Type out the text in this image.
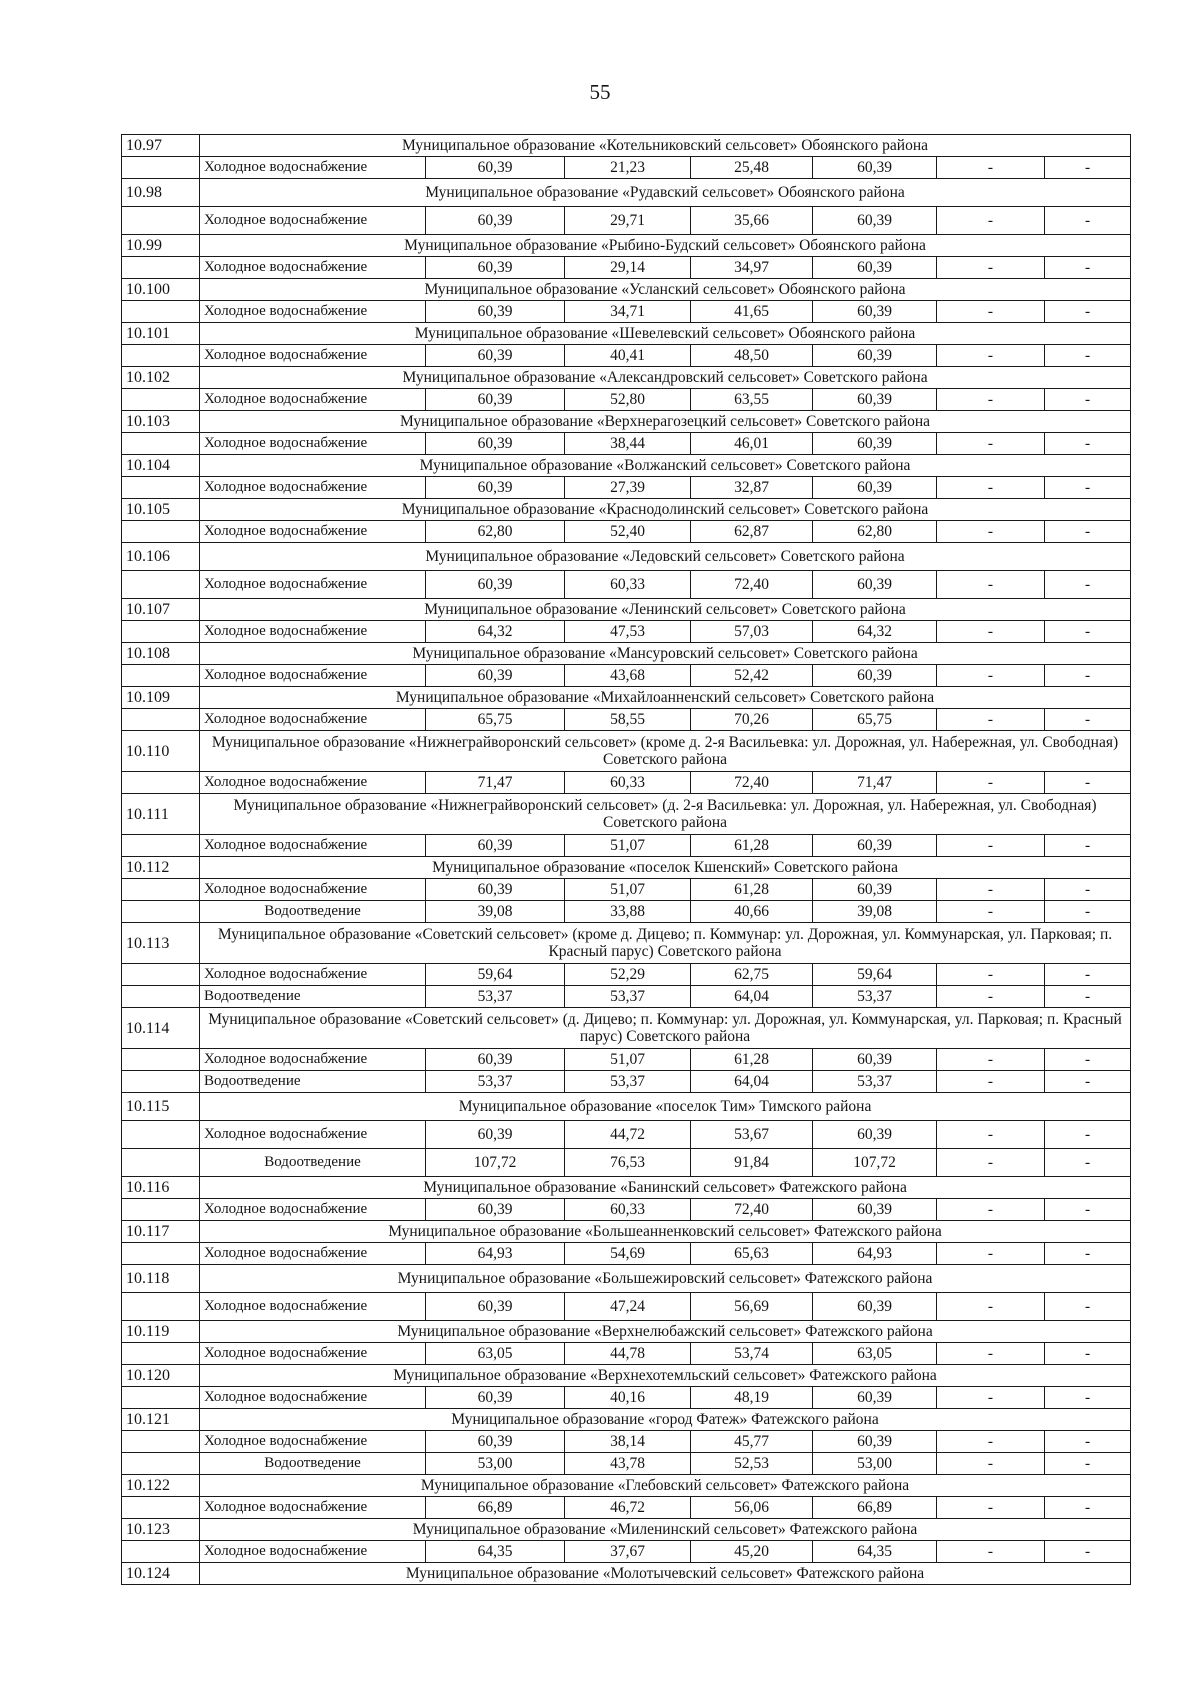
55
10.97	Муниципальное образование «Котельниковский сельсовет» Обоянского района						
	Холодное водоснабжение	60,39	21,23	25,48	60,39	-	-
10.98	Муниципальное образование «Рудавский сельсовет» Обоянского района						
	Холодное водоснабжение	60,39	29,71	35,66	60,39	-	-
10.99	Муниципальное образование «Рыбино-Будский сельсовет» Обоянского района						
	Холодное водоснабжение	60,39	29,14	34,97	60,39	-	-
10.100	Муниципальное образование «Усланский сельсовет» Обоянского района						
	Холодное водоснабжение	60,39	34,71	41,65	60,39	-	-
10.101	Муниципальное образование «Шевелевский сельсовет» Обоянского района						
	Холодное водоснабжение	60,39	40,41	48,50	60,39	-	-
10.102	Муниципальное образование «Александровский сельсовет» Советского района						
	Холодное водоснабжение	60,39	52,80	63,55	60,39	-	-
10.103	Муниципальное образование «Верхнерагозецкий сельсовет» Советского района						
	Холодное водоснабжение	60,39	38,44	46,01	60,39	-	-
10.104	Муниципальное образование «Волжанский сельсовет» Советского района						
	Холодное водоснабжение	60,39	27,39	32,87	60,39	-	-
10.105	Муниципальное образование «Краснодолинский сельсовет» Советского района						
	Холодное водоснабжение	62,80	52,40	62,87	62,80	-	-
10.106	Муниципальное образование «Ледовский сельсовет» Советского района						
	Холодное водоснабжение	60,39	60,33	72,40	60,39	-	-
10.107	Муниципальное образование «Ленинский сельсовет» Советского района						
	Холодное водоснабжение	64,32	47,53	57,03	64,32	-	-
10.108	Муниципальное образование «Мансуровский сельсовет» Советского района						
	Холодное водоснабжение	60,39	43,68	52,42	60,39	-	-
10.109	Муниципальное образование «Михайлоанненский сельсовет» Советского района						
	Холодное водоснабжение	65,75	58,55	70,26	65,75	-	-
10.110	Муниципальное образование «Нижнеграйворонский сельсовет» (кроме д. 2-я Васильевка: ул. Дорожная, ул. Набережная, ул. Свободная) Советского района						
	Холодное водоснабжение	71,47	60,33	72,40	71,47	-	-
10.111	Муниципальное образование «Нижнеграйворонский сельсовет» (д. 2-я Васильевка: ул. Дорожная, ул. Набережная, ул. Свободная) Советского района						
	Холодное водоснабжение	60,39	51,07	61,28	60,39	-	-
10.112	Муниципальное образование «поселок Кшенский» Советского района						
	Холодное водоснабжение	60,39	51,07	61,28	60,39	-	-
	Водоотведение	39,08	33,88	40,66	39,08	-	-
10.113	Муниципальное образование «Советский сельсовет» (кроме д. Дицево; п. Коммунар: ул. Дорожная, ул. Коммунарская, ул. Парковая; п. Красный парус) Советского района						
	Холодное водоснабжение	59,64	52,29	62,75	59,64	-	-
	Водоотведение	53,37	53,37	64,04	53,37	-	-
10.114	Муниципальное образование «Советский сельсовет» (д. Дицево; п. Коммунар: ул. Дорожная, ул. Коммунарская, ул. Парковая; п. Красный парус) Советского района						
	Холодное водоснабжение	60,39	51,07	61,28	60,39	-	-
	Водоотведение	53,37	53,37	64,04	53,37	-	-
10.115	Муниципальное образование «поселок Тим» Тимского района						
	Холодное водоснабжение	60,39	44,72	53,67	60,39	-	-
	Водоотведение	107,72	76,53	91,84	107,72	-	-
10.116	Муниципальное образование «Банинский сельсовет» Фатежского района						
	Холодное водоснабжение	60,39	60,33	72,40	60,39	-	-
10.117	Муниципальное образование «Большеанненковский сельсовет» Фатежского района						
	Холодное водоснабжение	64,93	54,69	65,63	64,93	-	-
10.118	Муниципальное образование «Большежировский сельсовет» Фатежского района						
	Холодное водоснабжение	60,39	47,24	56,69	60,39	-	-
10.119	Муниципальное образование «Верхнелюбажский сельсовет» Фатежского района						
	Холодное водоснабжение	63,05	44,78	53,74	63,05	-	-
10.120	Муниципальное образование «Верхнехотемльский сельсовет» Фатежского района						
	Холодное водоснабжение	60,39	40,16	48,19	60,39	-	-
10.121	Муниципальное образование «город Фатеж» Фатежского района						
	Холодное водоснабжение	60,39	38,14	45,77	60,39	-	-
	Водоотведение	53,00	43,78	52,53	53,00	-	-
10.122	Муниципальное образование «Глебовский сельсовет» Фатежского района						
	Холодное водоснабжение	66,89	46,72	56,06	66,89	-	-
10.123	Муниципальное образование «Миленинский сельсовет» Фатежского района						
	Холодное водоснабжение	64,35	37,67	45,20	64,35	-	-
10.124	Муниципальное образование «Молотычевский сельсовет» Фатежского района						
